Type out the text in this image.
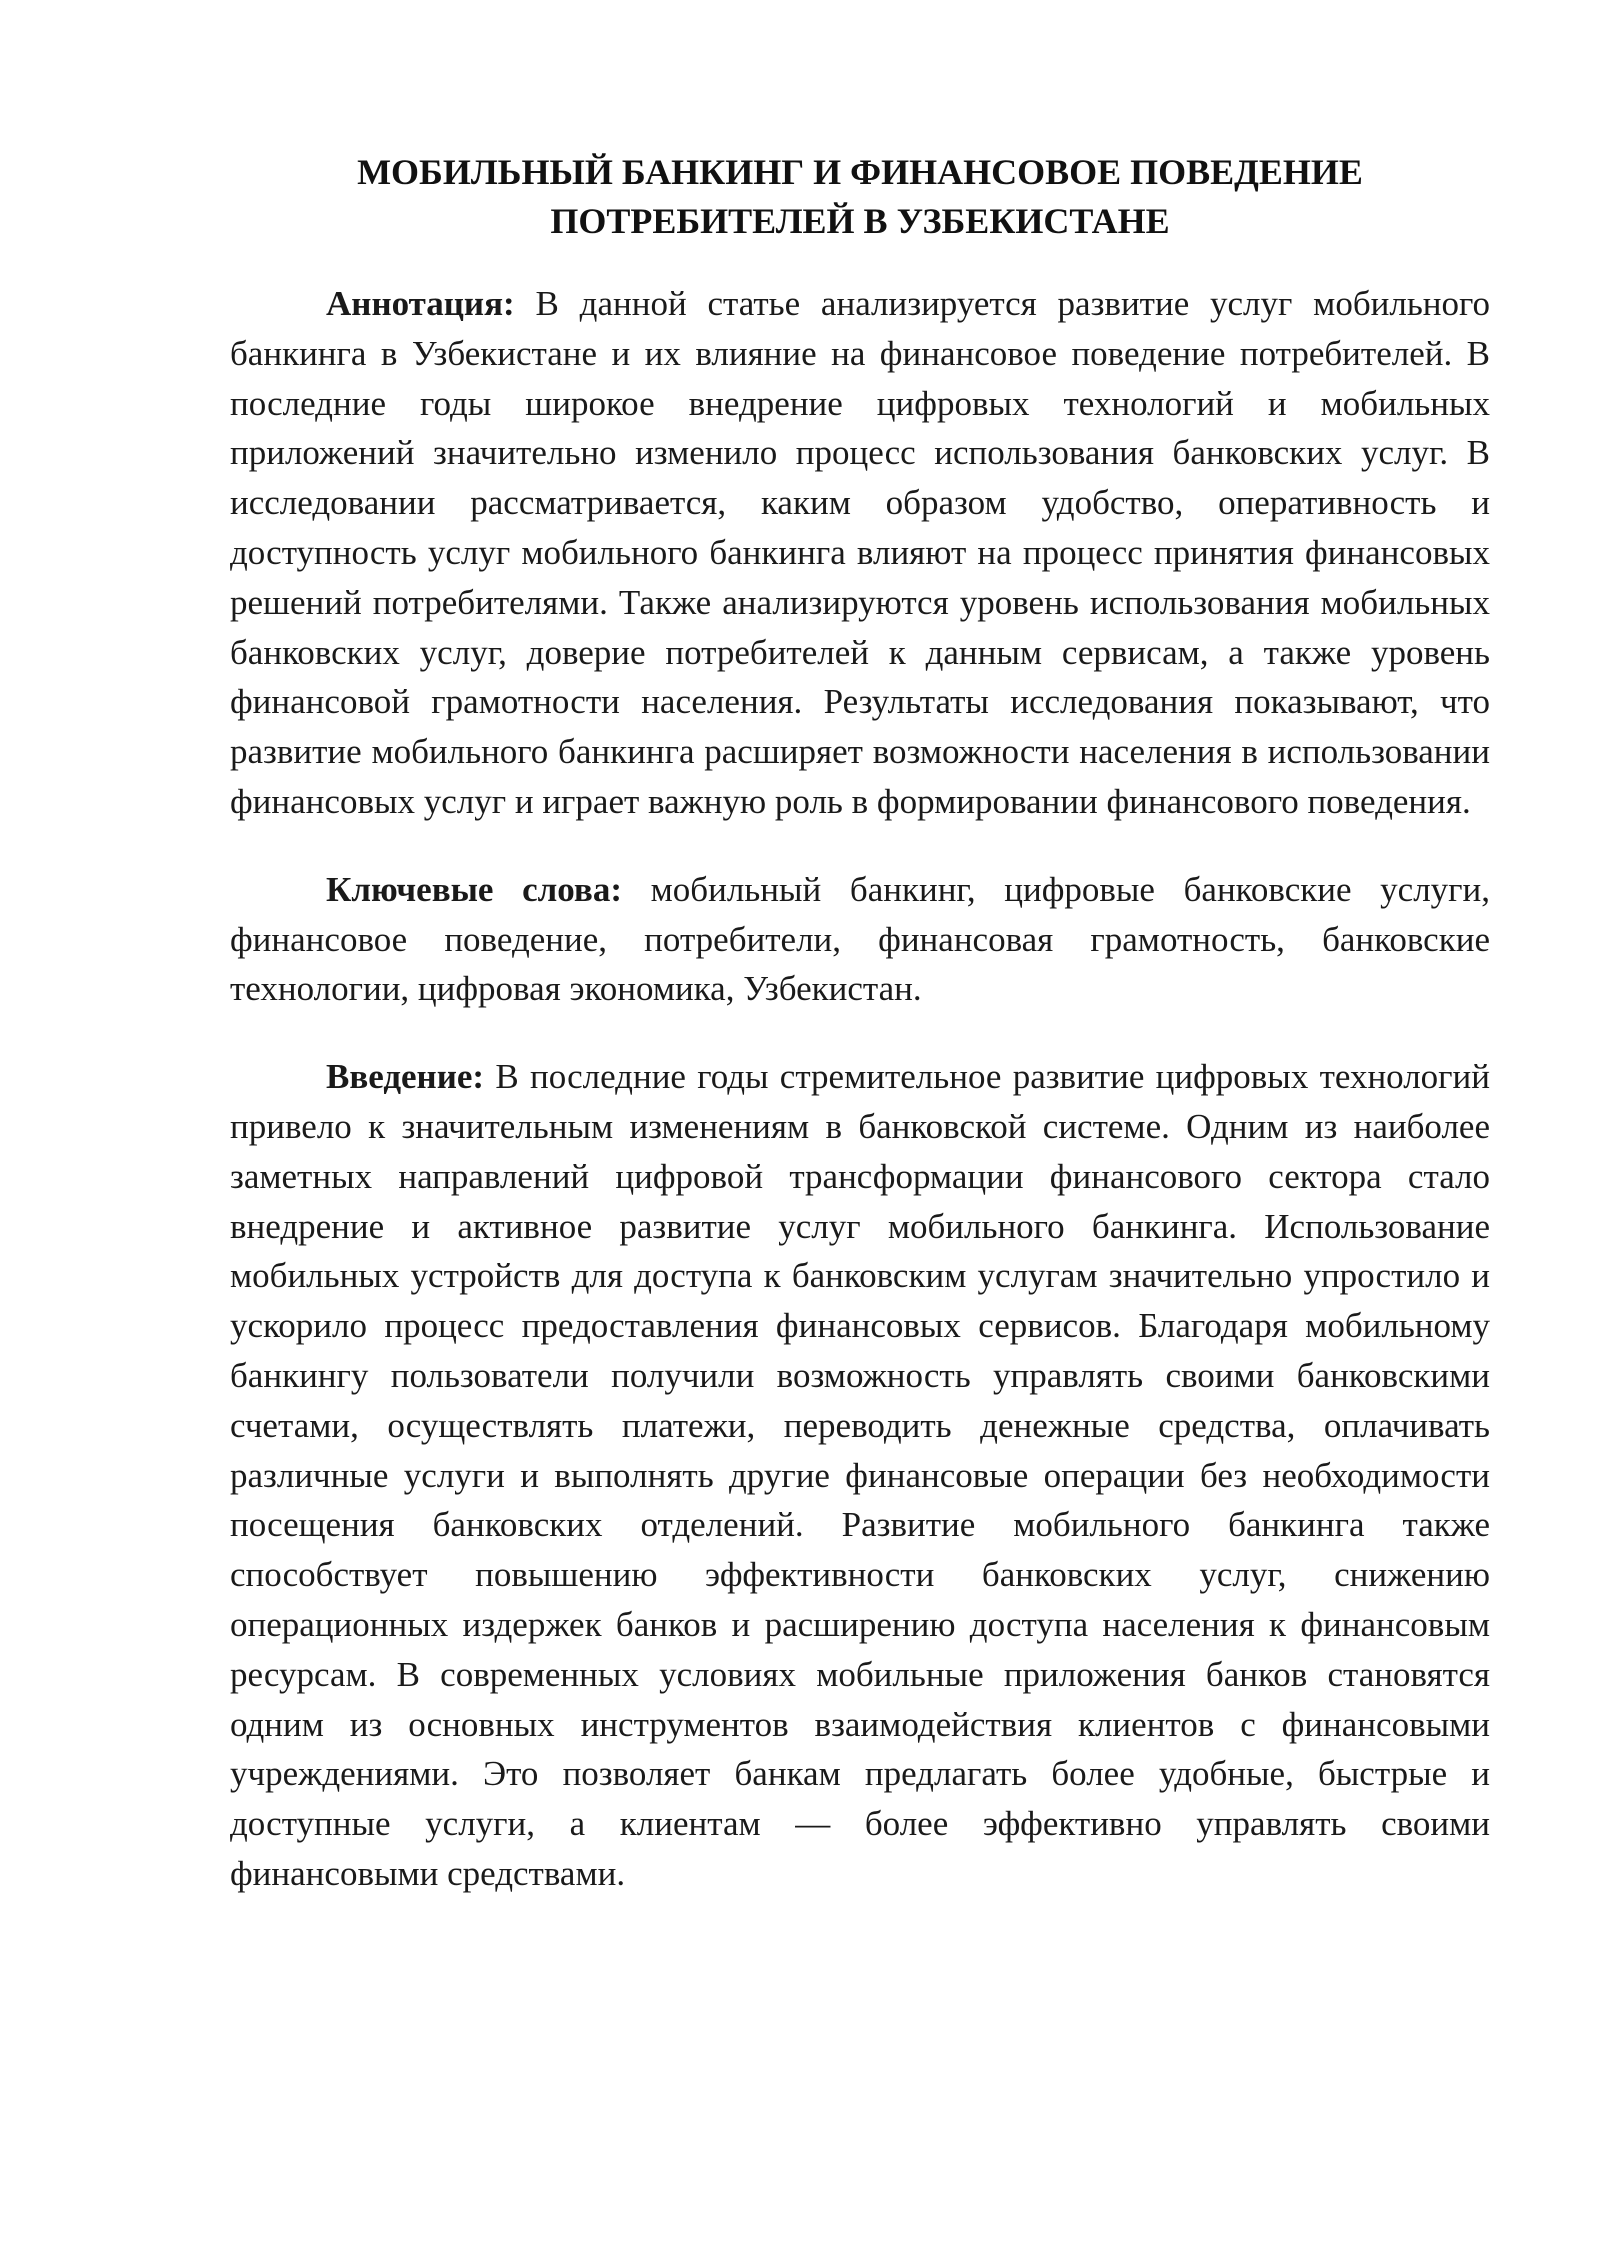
МОБИЛЬНЫЙ БАНКИНГ И ФИНАНСОВОЕ ПОВЕДЕНИЕ
ПОТРЕБИТЕЛЕЙ В УЗБЕКИСТАНЕ

Аннотация: В данной статье анализируется развитие услуг мобильного банкинга в Узбекистане и их влияние на финансовое поведение потребителей. В последние годы широкое внедрение цифровых технологий и мобильных приложений значительно изменило процесс использования банковских услуг. В исследовании рассматривается, каким образом удобство, оперативность и доступность услуг мобильного банкинга влияют на процесс принятия финансовых решений потребителями. Также анализируются уровень использования мобильных банковских услуг, доверие потребителей к данным сервисам, а также уровень финансовой грамотности населения. Результаты исследования показывают, что развитие мобильного банкинга расширяет возможности населения в использовании финансовых услуг и играет важную роль в формировании финансового поведения.

Ключевые слова: мобильный банкинг, цифровые банковские услуги, финансовое поведение, потребители, финансовая грамотность, банковские технологии, цифровая экономика, Узбекистан.

Введение: В последние годы стремительное развитие цифровых технологий привело к значительным изменениям в банковской системе. Одним из наиболее заметных направлений цифровой трансформации финансового сектора стало внедрение и активное развитие услуг мобильного банкинга. Использование мобильных устройств для доступа к банковским услугам значительно упростило и ускорило процесс предоставления финансовых сервисов. Благодаря мобильному банкингу пользователи получили возможность управлять своими банковскими счетами, осуществлять платежи, переводить денежные средства, оплачивать различные услуги и выполнять другие финансовые операции без необходимости посещения банковских отделений. Развитие мобильного банкинга также способствует повышению эффективности банковских услуг, снижению операционных издержек банков и расширению доступа населения к финансовым ресурсам. В современных условиях мобильные приложения банков становятся одним из основных инструментов взаимодействия клиентов с финансовыми учреждениями. Это позволяет банкам предлагать более удобные, быстрые и доступные услуги, а клиентам — более эффективно управлять своими финансовыми средствами.
